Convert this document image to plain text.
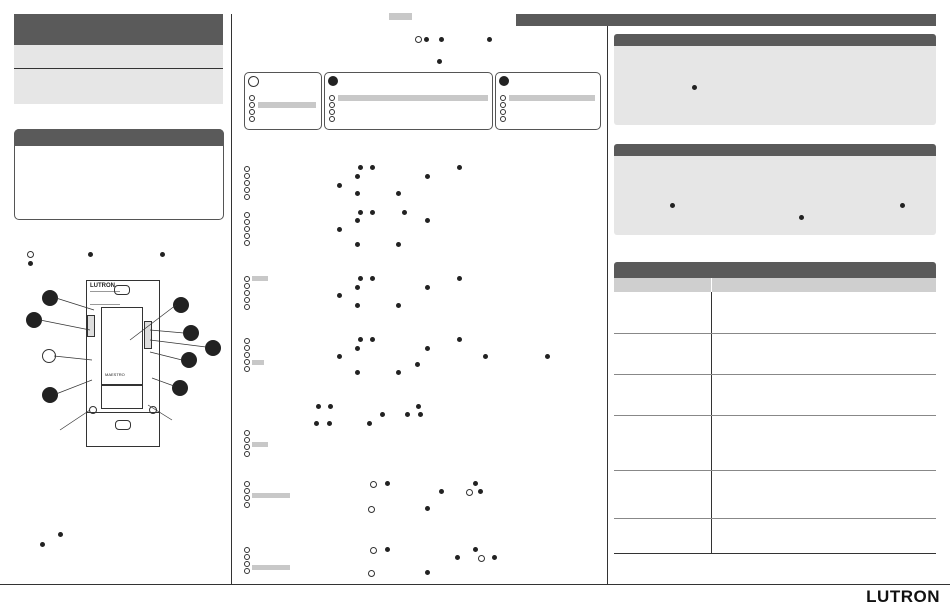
LUTRON
MAESTRO
LUTRON
